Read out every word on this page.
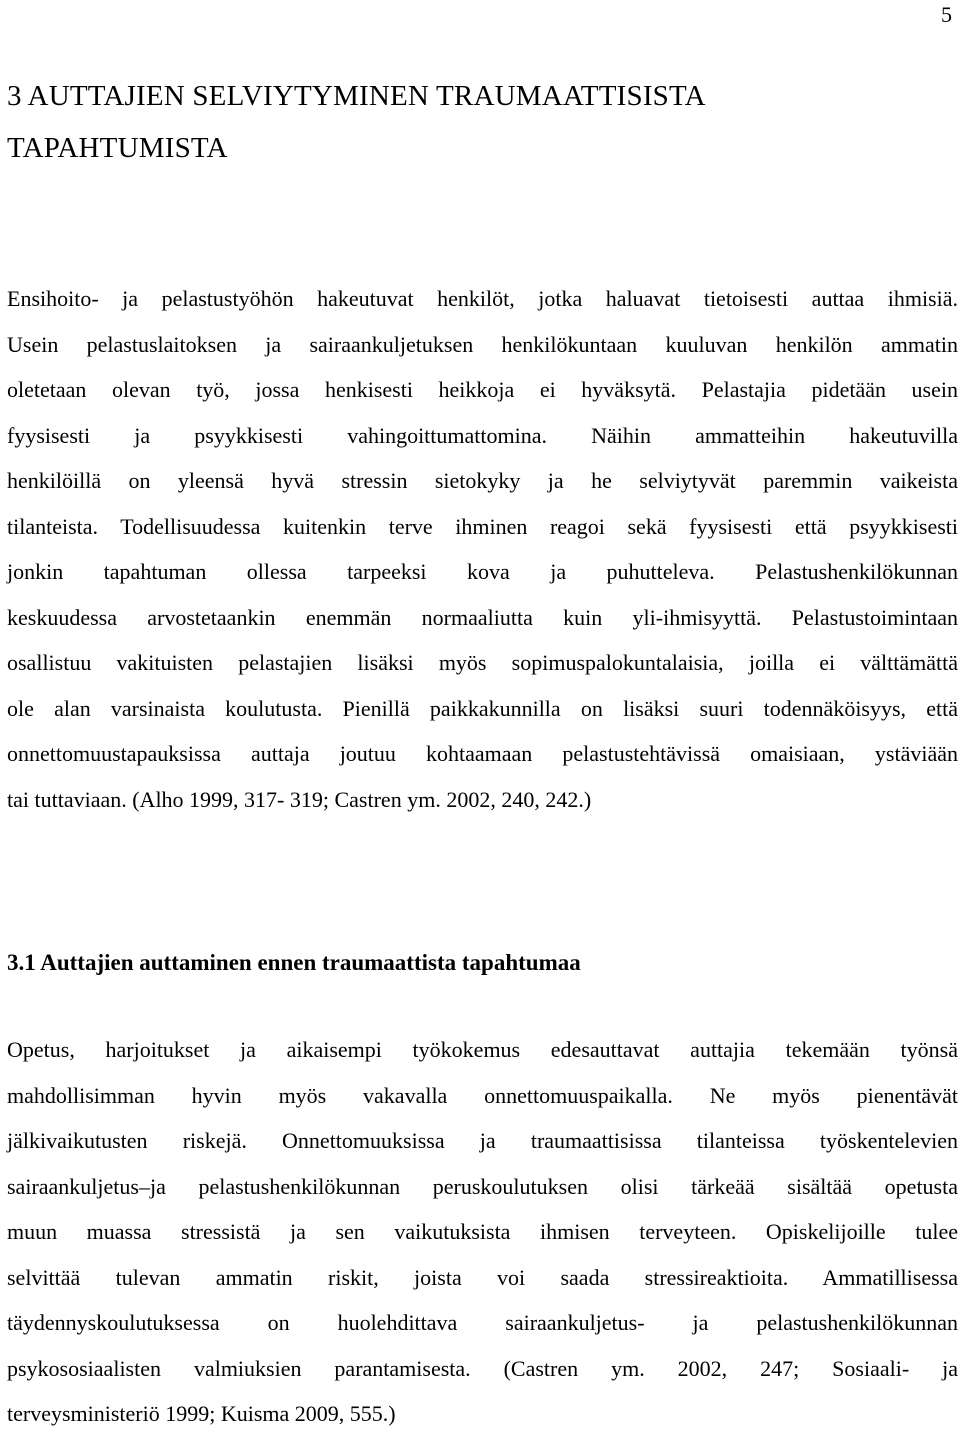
5
3 AUTTAJIEN SELVIYTYMINEN TRAUMAATTISISTA
TAPAHTUMISTA

Ensihoito- ja pelastustyöhön hakeutuvat henkilöt, jotka haluavat tietoisesti auttaa ihmisiä.
Usein pelastuslaitoksen ja sairaankuljetuksen henkilökuntaan kuuluvan henkilön ammatin
oletetaan olevan työ, jossa henkisesti heikkoja ei hyväksytä. Pelastajia pidetään usein
fyysisesti ja psyykkisesti vahingoittumattomina. Näihin ammatteihin hakeutuvilla
henkilöillä on yleensä hyvä stressin sietokyky ja he selviytyvät paremmin vaikeista
tilanteista. Todellisuudessa kuitenkin terve ihminen reagoi sekä fyysisesti että psyykkisesti
jonkin tapahtuman ollessa tarpeeksi kova ja puhutteleva. Pelastushenkilökunnan
keskuudessa arvostetaankin enemmän normaaliutta kuin yli-ihmisyyttä. Pelastustoimintaan
osallistuu vakituisten pelastajien lisäksi myös sopimuspalokuntalaisia, joilla ei välttämättä
ole alan varsinaista koulutusta. Pienillä paikkakunnilla on lisäksi suuri todennäköisyys, että
onnettomuustapauksissa auttaja joutuu kohtaamaan pelastustehtävissä omaisiaan, ystäviään
tai tuttaviaan. (Alho 1999, 317- 319; Castren ym. 2002, 240, 242.)

3.1 Auttajien auttaminen ennen traumaattista tapahtumaa

Opetus, harjoitukset ja aikaisempi työkokemus edesauttavat auttajia tekemään työnsä
mahdollisimman hyvin myös vakavalla onnettomuuspaikalla. Ne myös pienentävät
jälkivaikutusten riskejä. Onnettomuuksissa ja traumaattisissa tilanteissa työskentelevien
sairaankuljetus–ja pelastushenkilökunnan peruskoulutuksen olisi tärkeää sisältää opetusta
muun muassa stressistä ja sen vaikutuksista ihmisen terveyteen. Opiskelijoille tulee
selvittää tulevan ammatin riskit, joista voi saada stressireaktioita. Ammatillisessa
täydennyskoulutuksessa on huolehdittava sairaankuljetus- ja pelastushenkilökunnan
psykososiaalisten valmiuksien parantamisesta. (Castren ym. 2002, 247; Sosiaali- ja
terveysministeriö 1999; Kuisma 2009, 555.)
